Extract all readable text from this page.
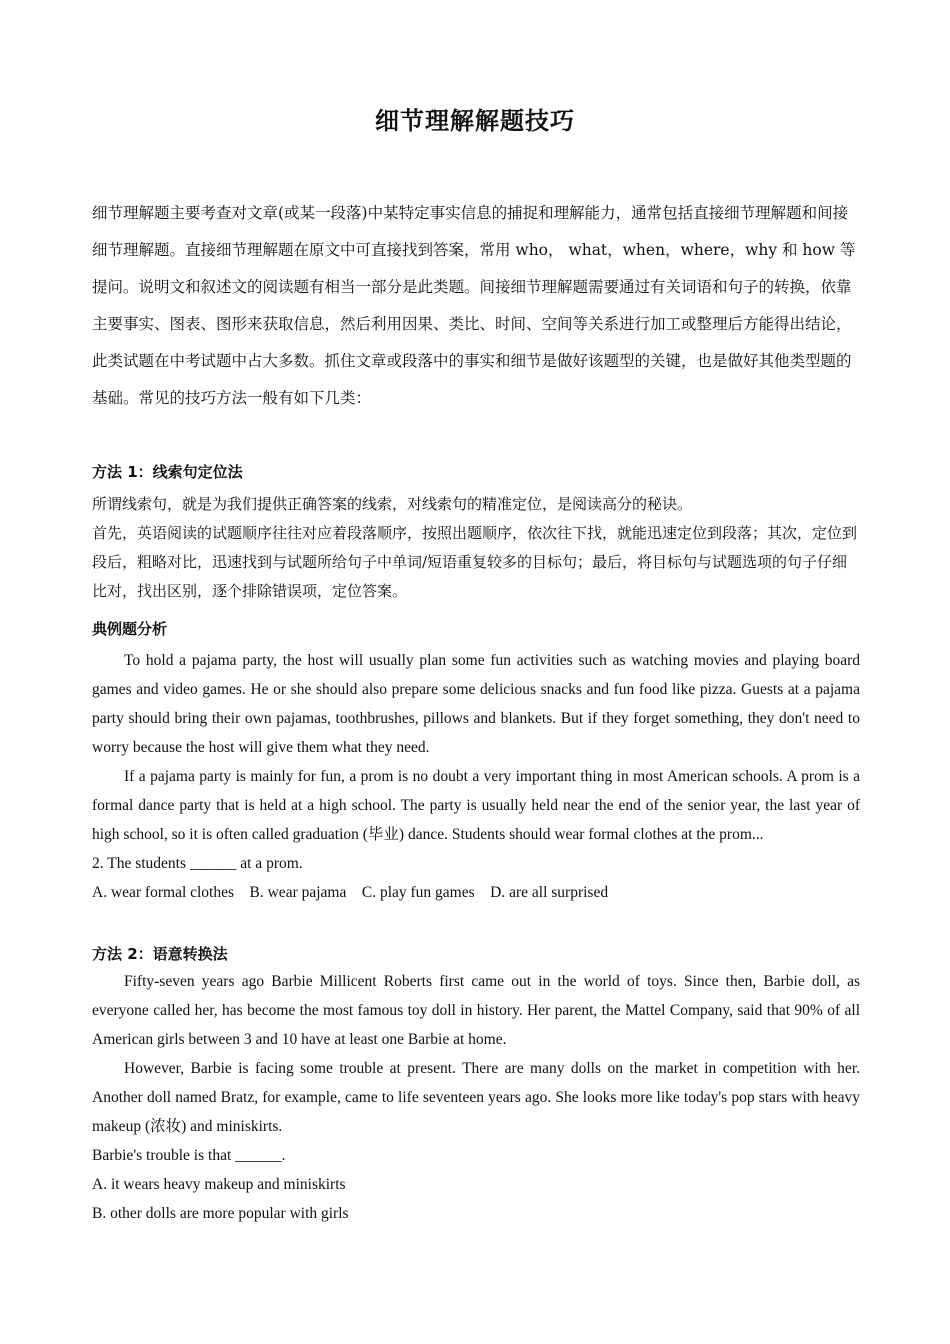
细节理解解题技巧

细节理解题主要考查对文章(或某一段落)中某特定事实信息的捕捉和理解能力，通常包括直接细节理解题和间接细节理解题。直接细节理解题在原文中可直接找到答案，常用 who， what，when，where，why 和 how 等提问。说明文和叙述文的阅读题有相当一部分是此类题。间接细节理解题需要通过有关词语和句子的转换，依靠主要事实、图表、图形来获取信息，然后利用因果、类比、时间、空间等关系进行加工或整理后方能得出结论，此类试题在中考试题中占大多数。抓住文章或段落中的事实和细节是做好该题型的关键，也是做好其他类型题的基础。常见的技巧方法一般有如下几类：

方法 1：线索句定位法

所谓线索句，就是为我们提供正确答案的线索，对线索句的精准定位，是阅读高分的秘诀。

首先，英语阅读的试题顺序往往对应着段落顺序，按照出题顺序，依次往下找，就能迅速定位到段落；其次，定位到段后，粗略对比，迅速找到与试题所给句子中单词/短语重复较多的目标句；最后，将目标句与试题选项的句子仔细比对，找出区别，逐个排除错误项，定位答案。

典例题分析

To hold a pajama party, the host will usually plan some fun activities such as watching movies and playing board games and video games. He or she should also prepare some delicious snacks and fun food like pizza. Guests at a pajama party should bring their own pajamas, toothbrushes, pillows and blankets. But if they forget something, they don't need to worry because the host will give them what they need.

If a pajama party is mainly for fun, a prom is no doubt a very important thing in most American schools. A prom is a formal dance party that is held at a high school. The party is usually held near the end of the senior year, the last year of high school, so it is often called graduation (毕业) dance. Students should wear formal clothes at the prom...

2. The students ______ at a prom.

A. wear formal clothes    B. wear pajama    C. play fun games    D. are all surprised

方法 2：语意转换法

Fifty-seven years ago Barbie Millicent Roberts first came out in the world of toys. Since then, Barbie doll, as everyone called her, has become the most famous toy doll in history. Her parent, the Mattel Company, said that 90% of all American girls between 3 and 10 have at least one Barbie at home.

However, Barbie is facing some trouble at present. There are many dolls on the market in competition with her. Another doll named Bratz, for example, came to life seventeen years ago. She looks more like today's pop stars with heavy makeup (浓妆) and miniskirts.

Barbie's trouble is that ______.

A. it wears heavy makeup and miniskirts

B. other dolls are more popular with girls
